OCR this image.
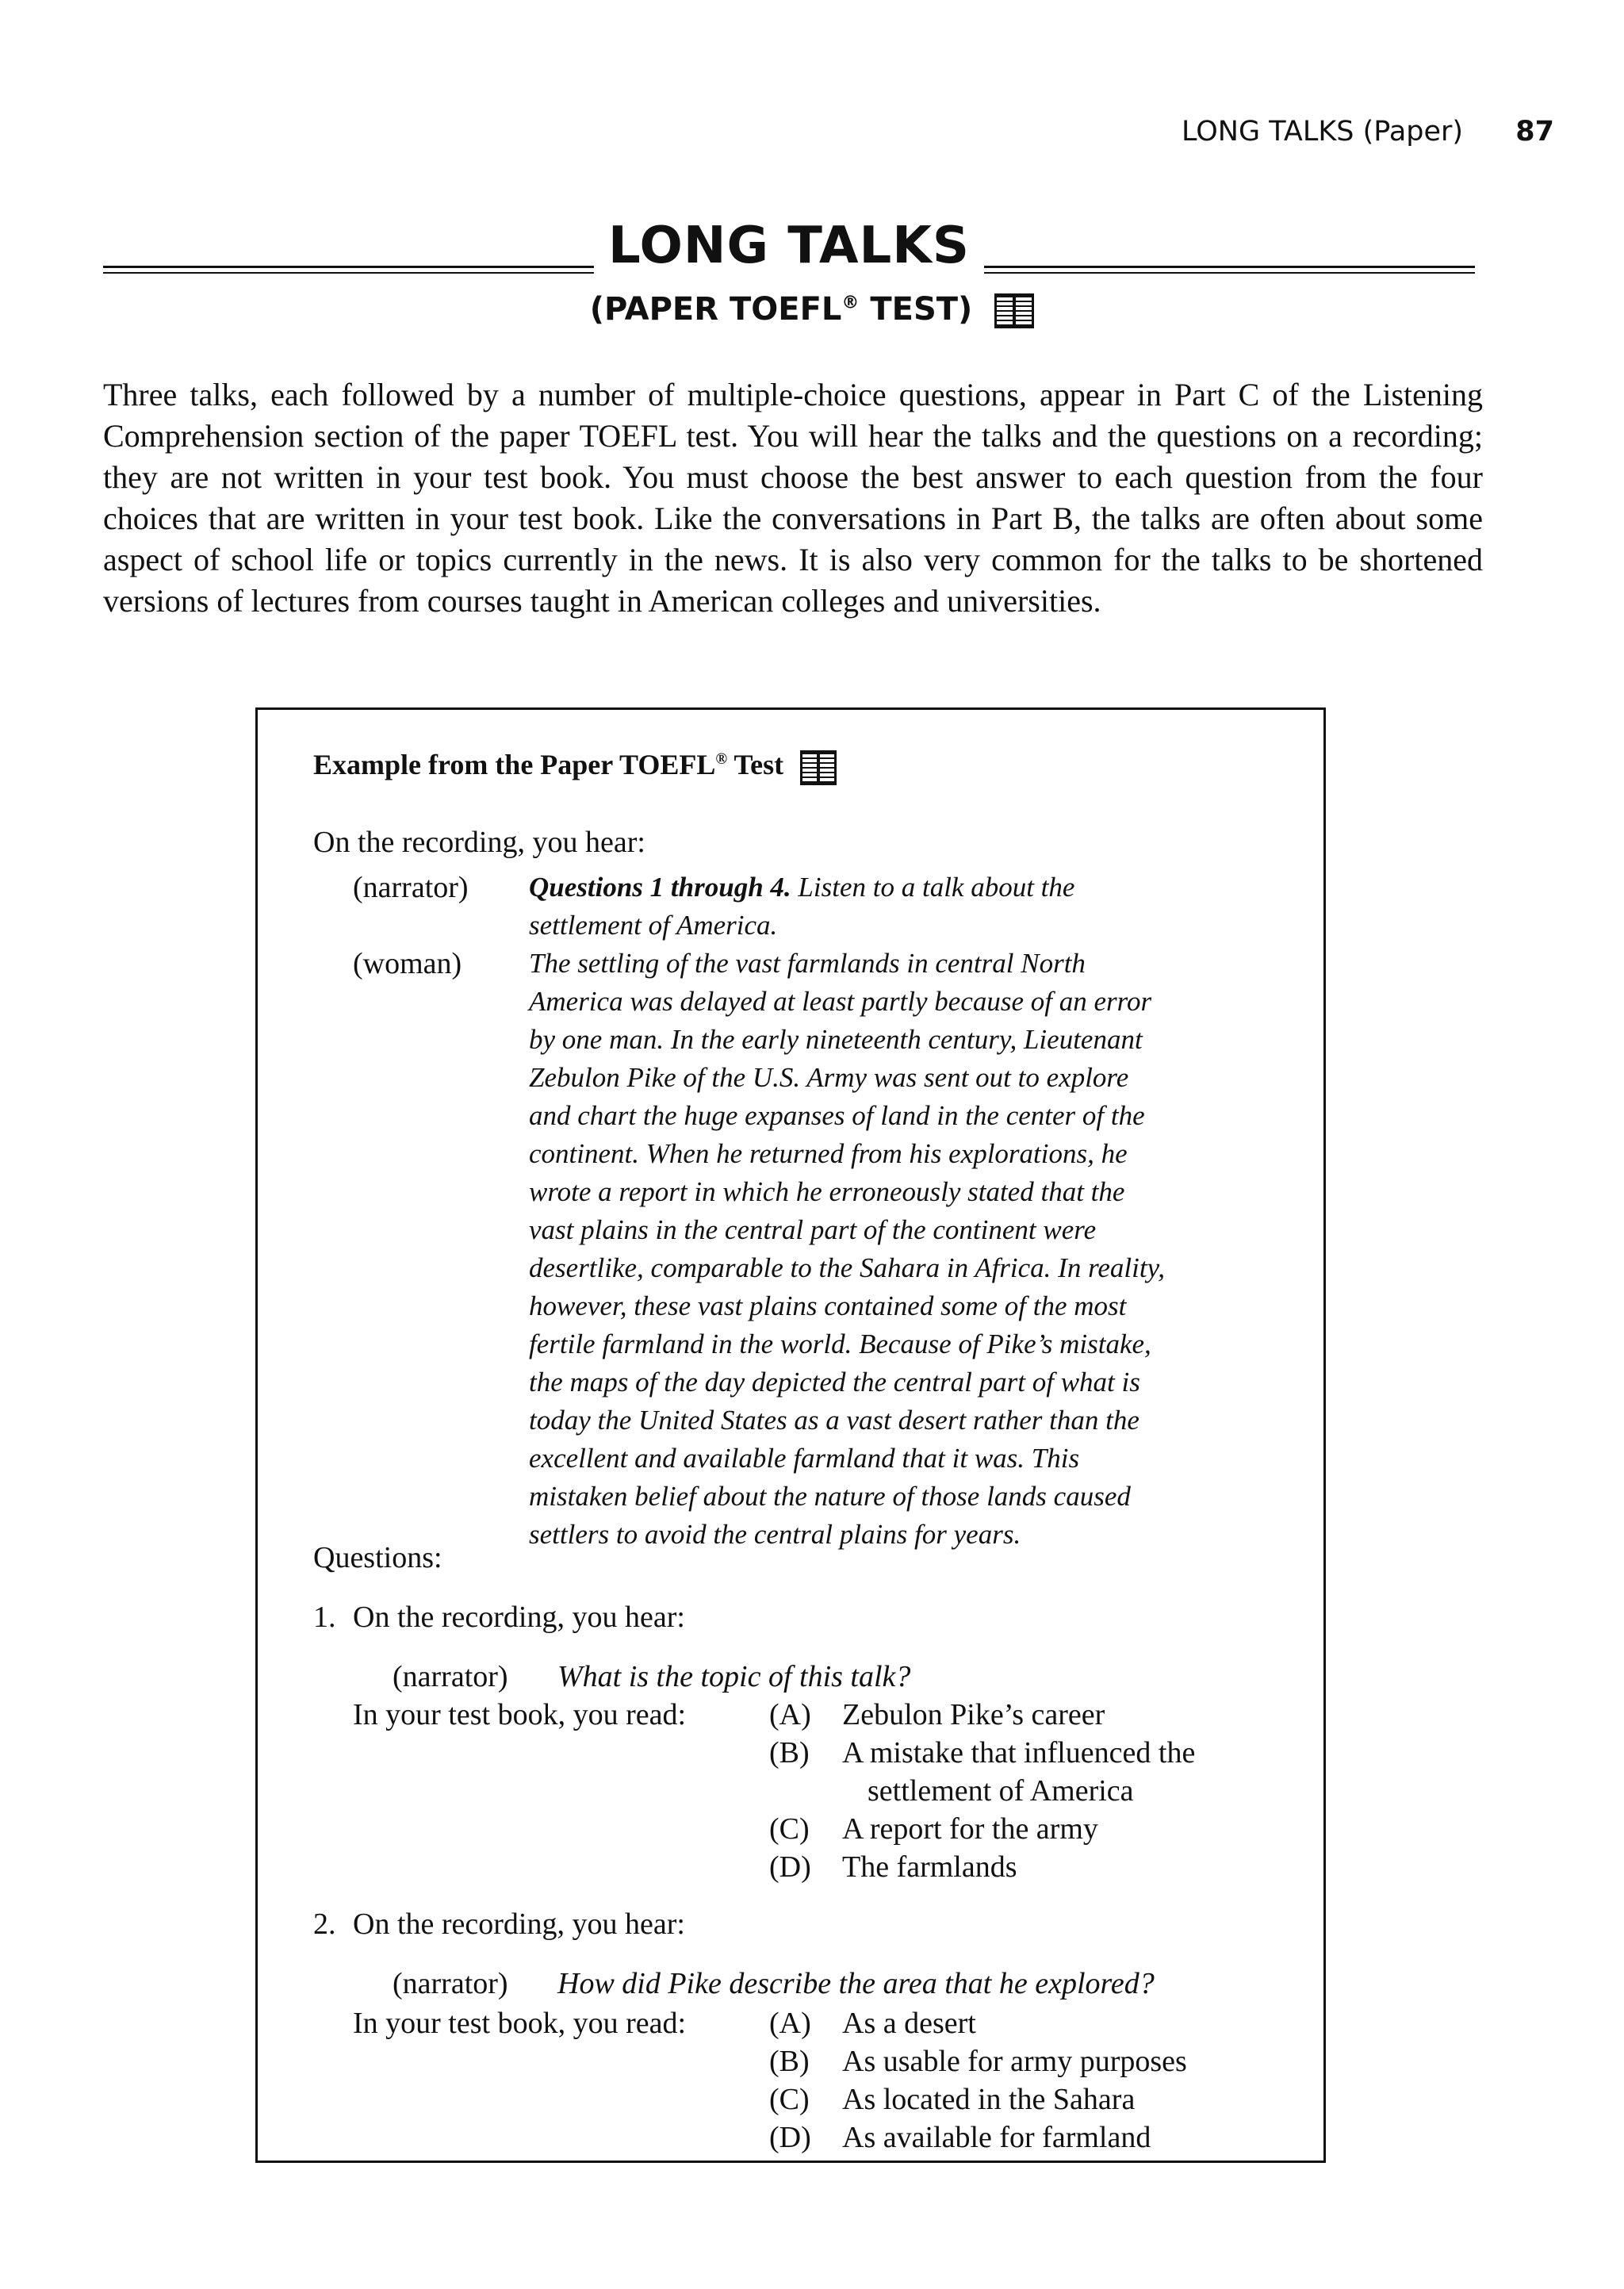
LONG TALKS (Paper) 87
LONG TALKS
(PAPER TOEFL® TEST)

Three talks, each followed by a number of multiple-choice questions, appear in Part C of the Listening Comprehension section of the paper TOEFL test. You will hear the talks and the questions on a recording; they are not written in your test book. You must choose the best answer to each question from the four choices that are written in your test book. Like the conversations in Part B, the talks are often about some aspect of school life or topics currently in the news. It is also very common for the talks to be shortened versions of lectures from courses taught in American colleges and universities.

Example from the Paper TOEFL® Test
On the recording, you hear:
(narrator)	Questions 1 through 4. Listen to a talk about the settlement of America.
(woman)	The settling of the vast farmlands in central North America was delayed at least partly because of an error by one man. In the early nineteenth century, Lieutenant Zebulon Pike of the U.S. Army was sent out to explore and chart the huge expanses of land in the center of the continent. When he returned from his explorations, he wrote a report in which he erroneously stated that the vast plains in the central part of the continent were desertlike, comparable to the Sahara in Africa. In reality, however, these vast plains contained some of the most fertile farmland in the world. Because of Pike’s mistake, the maps of the day depicted the central part of what is today the United States as a vast desert rather than the excellent and available farmland that it was. This mistaken belief about the nature of those lands caused settlers to avoid the central plains for years.
Questions:
1. On the recording, you hear:
(narrator) What is the topic of this talk?
In your test book, you read:	(A)	Zebulon Pike’s career
(B)	A mistake that influenced the
settlement of America
(C)	A report for the army
(D)	The farmlands
2. On the recording, you hear:
(narrator) How did Pike describe the area that he explored?
In your test book, you read:	(A)	As a desert
(B)	As usable for army purposes
(C)	As located in the Sahara
(D)	As available for farmland
